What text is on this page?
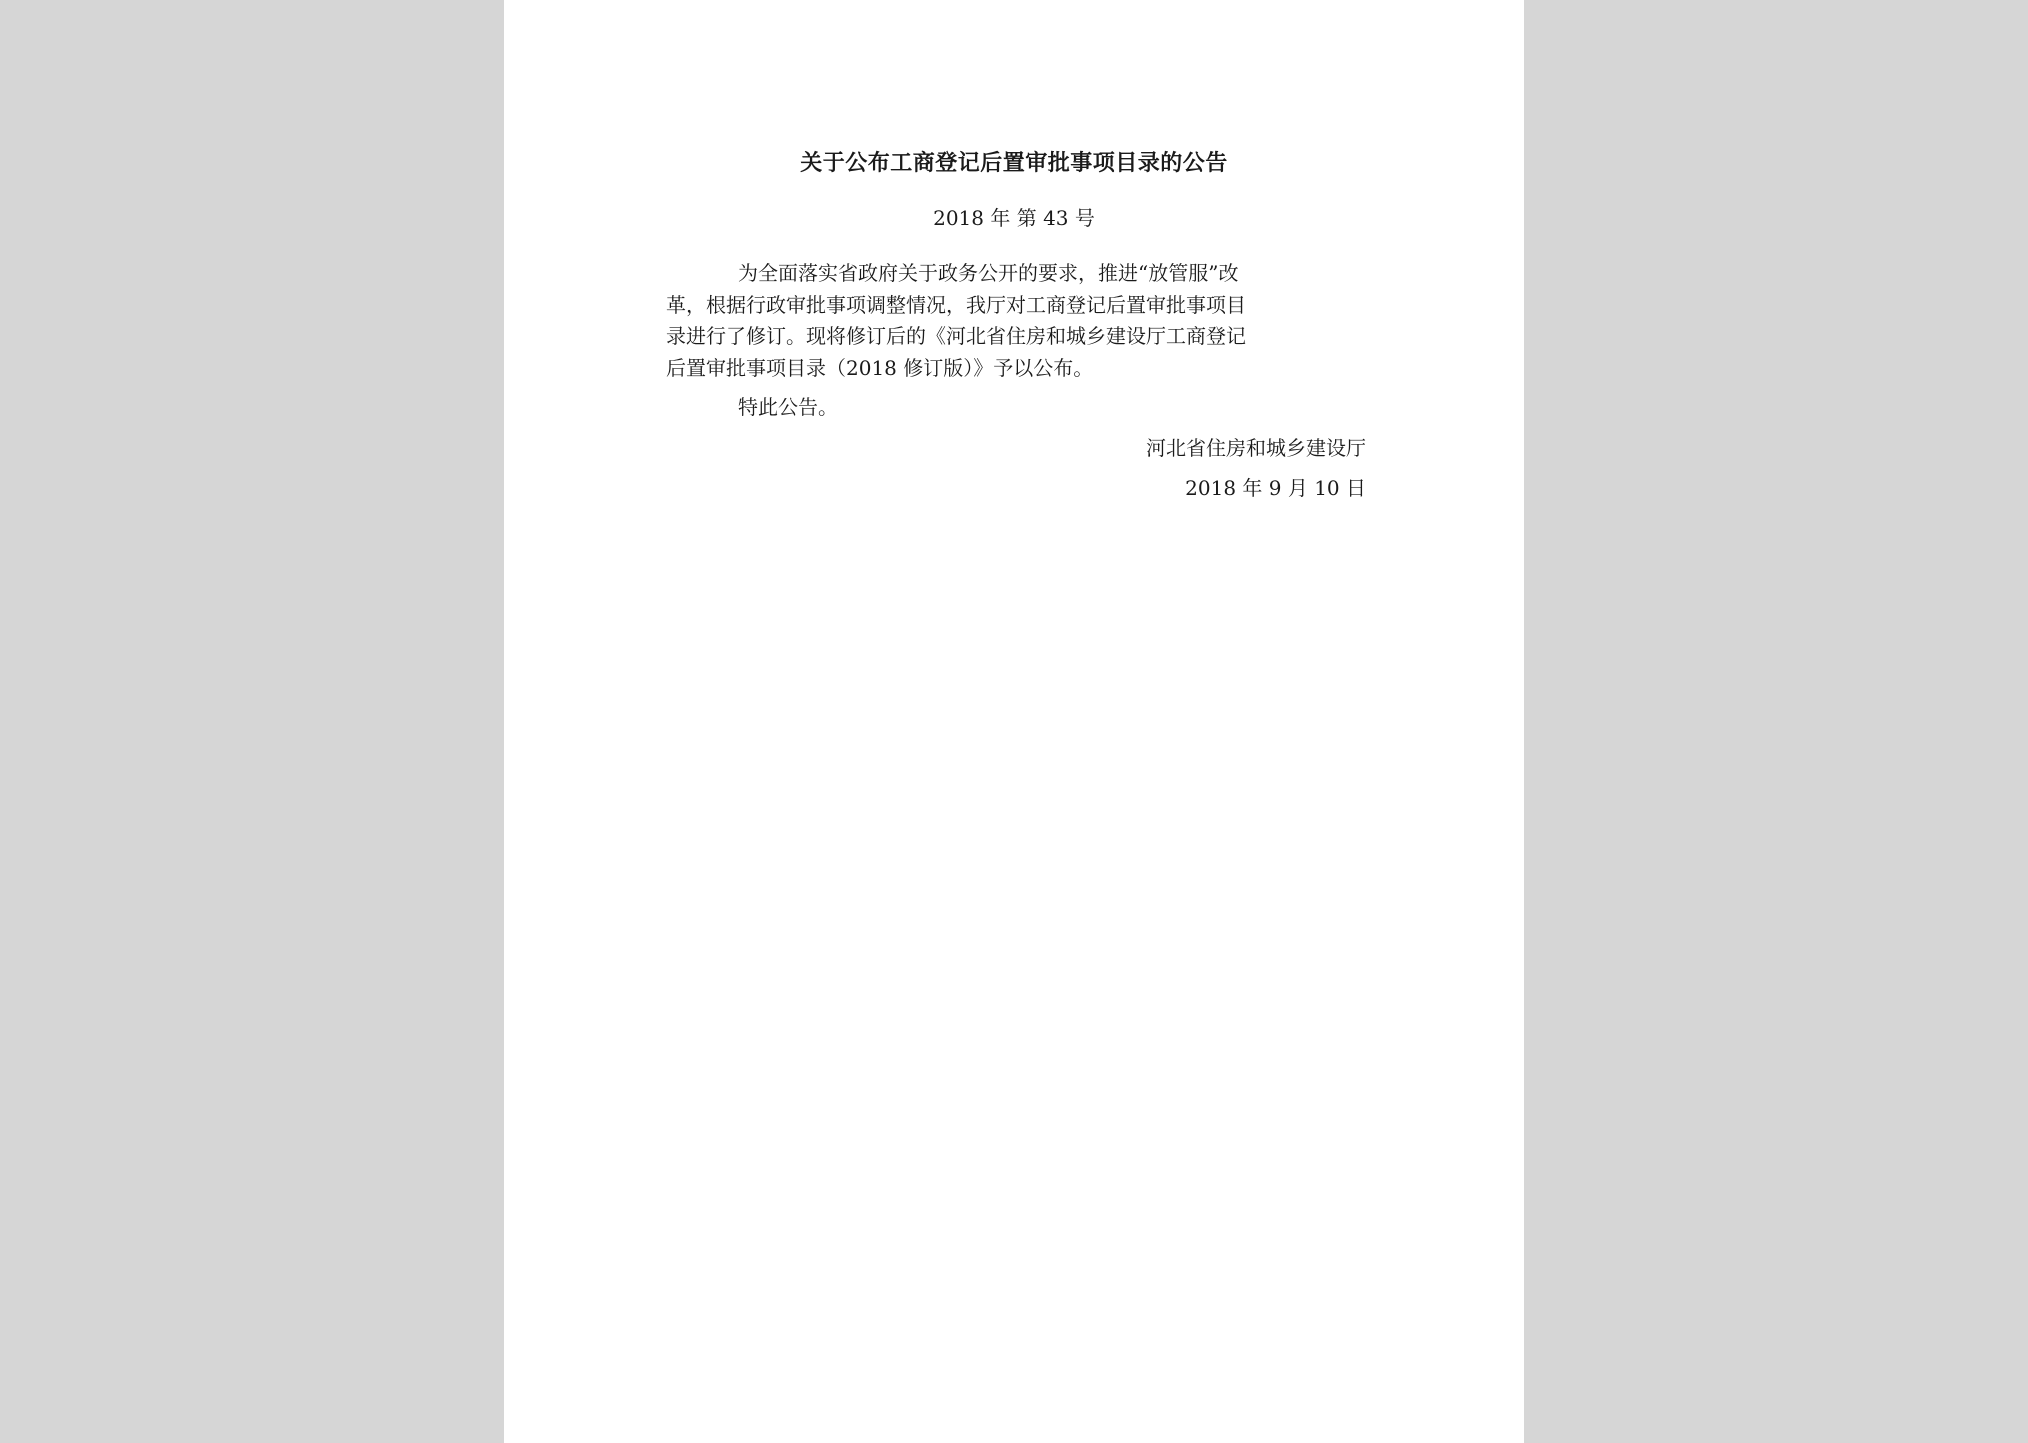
关于公布工商登记后置审批事项目录的公告
2018 年 第 43 号
为全面落实省政府关于政务公开的要求，推进“放管服”改
革，根据行政审批事项调整情况，我厅对工商登记后置审批事项目
录进行了修订。现将修订后的《河北省住房和城乡建设厅工商登记
后置审批事项目录（2018 修订版）》予以公布。
特此公告。
河北省住房和城乡建设厅
2018 年 9 月 10 日
